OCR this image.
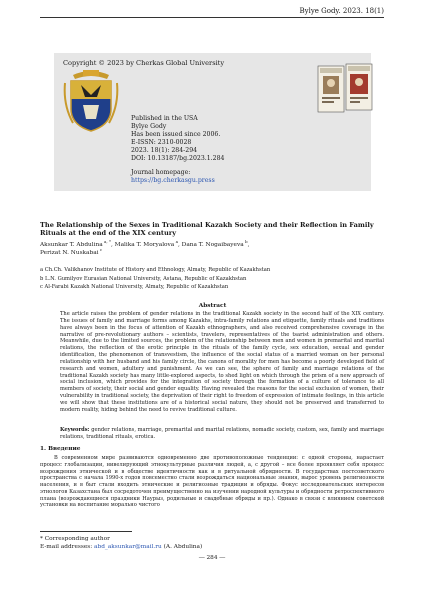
Bylye Gody. 2023. 18(1)
Copyright © 2023 by Cherkas Global University
Published in the USA
Bylye Gody
Has been issued since 2006.
E-ISSN: 2310-0028
2023. 18(1): 284-294
DOI: 10.13187/bg.2023.1.284
Journal homepage:
https://bg.cherkasgu.press
The Relationship of the Sexes in Traditional Kazakh Society and their Reflection in Family Rituals at the end of the XIX century
Aksunkar T. Abdulina $^{a, *}$, Malika T. Moryalova $^a$, Dana T. Nogaibayeva $^b$,
Perizat N. Nuskabai $^c$
a Ch.Ch. Valikhanov Institute of History and Ethnology, Almaty, Republic of Kazakhstan
b L.N. Gumilyov Eurasian National University, Astana, Republic of Kazakhstan
c Al-Farabi Kazakh National University, Almaty, Republic of Kazakhstan
Abstract
The article raises the problem of gender relations in the traditional Kazakh society in the second half of the XIX century. The issues of family and marriage forms among Kazakhs, intra-family relations and etiquette, family rituals and traditions have always been in the focus of attention of Kazakh ethnographers, and also received comprehensive coverage in the narrative of pre-revolutionary authors – scientists, travelers, representatives of the tsarist administration and others. Meanwhile, due to the limited sources, the problem of the relationship between men and women in premarital and marital relations, the reflection of the erotic principle in the rituals of the family cycle, sex education, sexual and gender identification, the phenomenon of transvestism, the influence of the social status of a married woman on her personal relationship with her husband and his family circle, the canons of morality for men has become a poorly developed field of research and women, adultery and punishment. As we can see, the sphere of family and marriage relations of the traditional Kazakh society has many little-explored aspects, to shed light on which through the prism of a new approach of social inclusion, which provides for the integration of society through the formation of a culture of tolerance to all members of society, their social and gender equality. Having revealed the reasons for the social exclusion of women, their vulnerability in traditional society, the deprivation of their right to freedom of expression of intimate feelings, in this article we will show that these institutions are of a historical social nature, they should not be preserved and transferred to modern reality, hiding behind the need to revive traditional culture.
Keywords: gender relations, marriage, premarital and marital relations, nomadic society, custom, sex, family and marriage relations, traditional rituals, erotica.
1. Введение
В современном мире развиваются одновременно две противоположные тенденции: с одной стороны, нарастает процесс глобализации, нивелирующий этнокультурные различия людей, а, с другой – все более проявляет себя процесс возрождения этнической и в обществе идентичности как и в ритуальной обрядности. В государствах постсоветского пространства с начала 1990-х годов повсеместно стали возрождаться национальные знания, вырос уровень религиозности населения, и в быт стали входить этнические и религиозные традиции и обряды. Фокус исследовательских интересов этнологов Казахстана был сосредоточен преимущественно на изучении народной культуры и обрядности ретроспективного плана (возрождающиеся праздники Наурыз, родильные и свадебные обряды и пр.). Однако в связи с влиянием советской установки на воспитание морально чистого
* Corresponding author
E-mail addresses: abd_aksunkar@mail.ru (A. Abdulina)
― 284 ―
